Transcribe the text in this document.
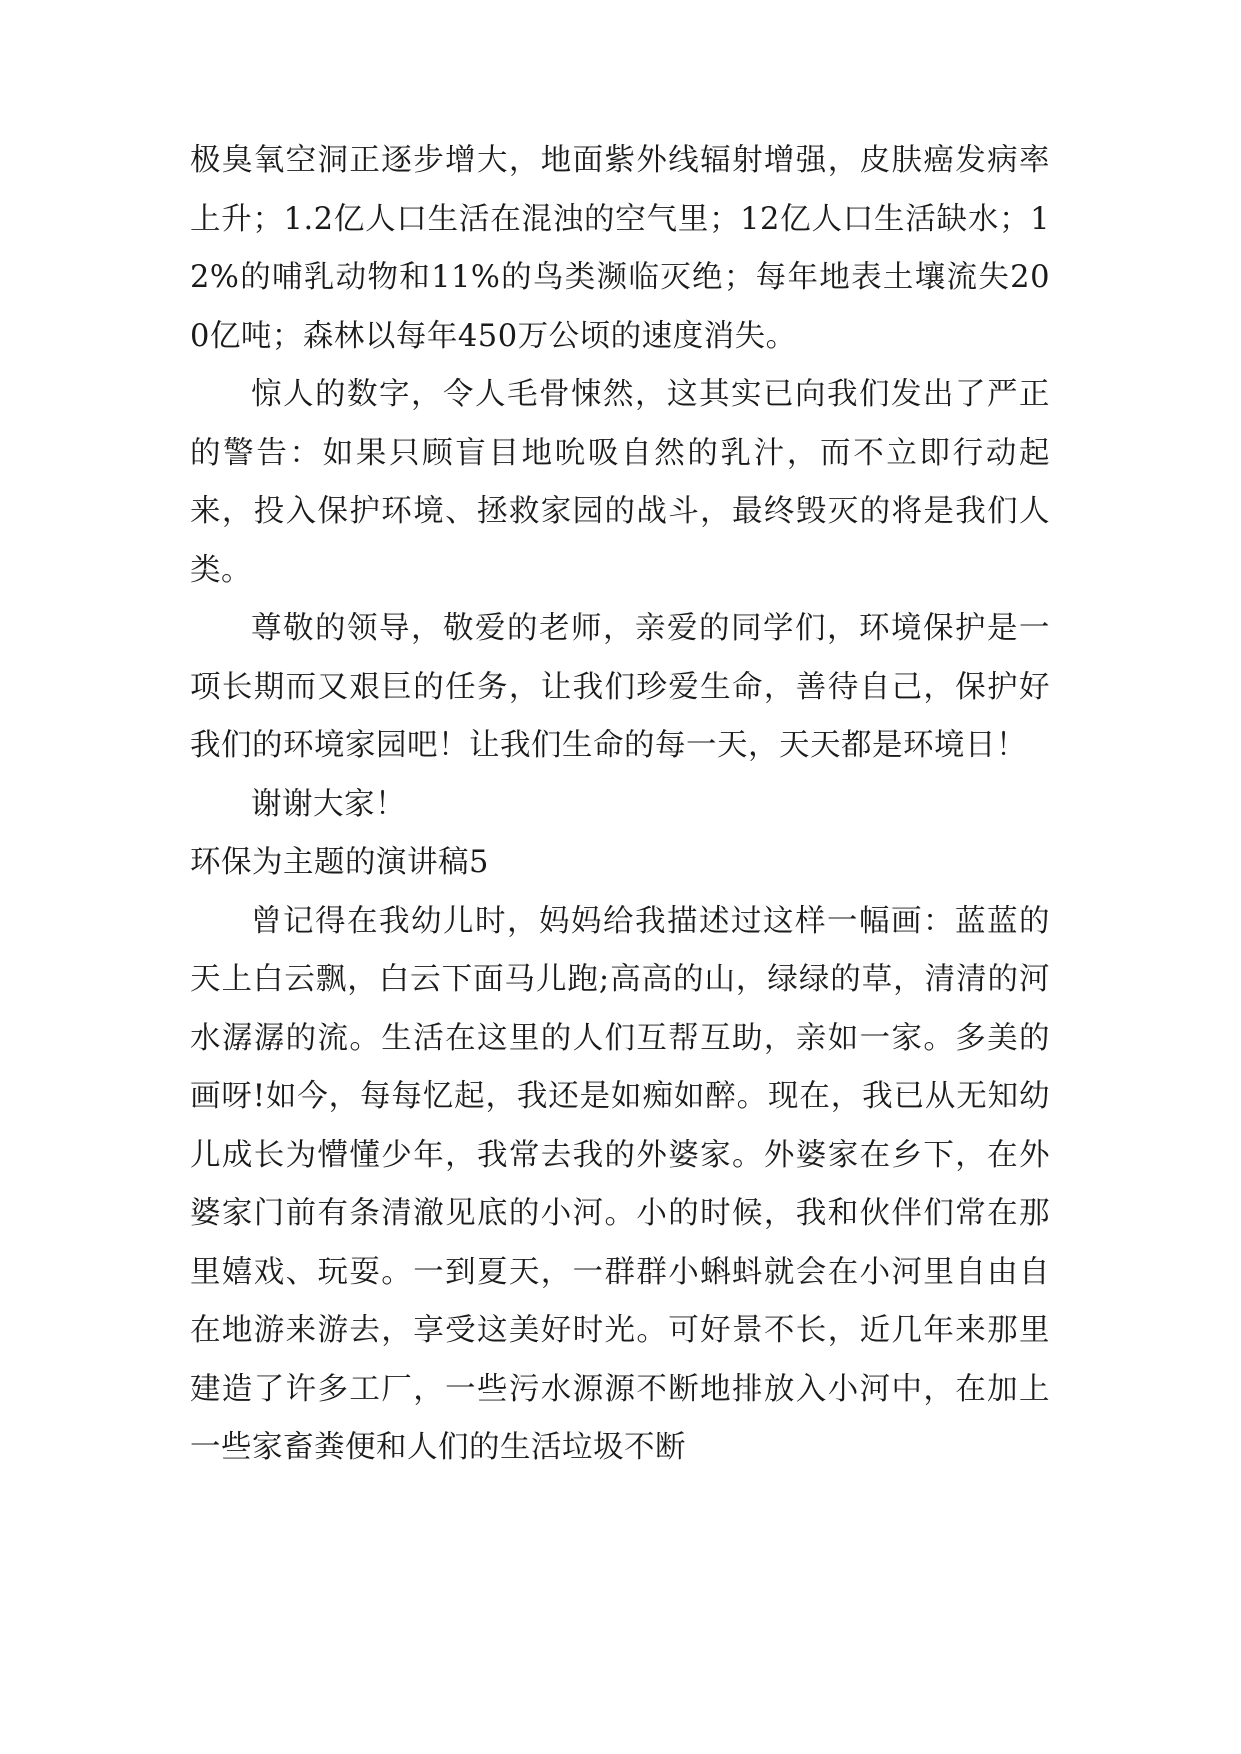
极臭氧空洞正逐步增大，地面紫外线辐射增强，皮肤癌发病率上升；1.2亿人口生活在混浊的空气里；12亿人口生活缺水；12%的哺乳动物和11%的鸟类濒临灭绝；每年地表土壤流失200亿吨；森林以每年450万公顷的速度消失。

惊人的数字，令人毛骨悚然，这其实已向我们发出了严正的警告：如果只顾盲目地吮吸自然的乳汁，而不立即行动起来，投入保护环境、拯救家园的战斗，最终毁灭的将是我们人类。

尊敬的领导，敬爱的老师，亲爱的同学们，环境保护是一项长期而又艰巨的任务，让我们珍爱生命，善待自己，保护好我们的环境家园吧！让我们生命的每一天，天天都是环境日！

谢谢大家！

环保为主题的演讲稿5

曾记得在我幼儿时，妈妈给我描述过这样一幅画：蓝蓝的天上白云飘，白云下面马儿跑;高高的山，绿绿的草，清清的河水潺潺的流。生活在这里的人们互帮互助，亲如一家。多美的画呀!如今，每每忆起，我还是如痴如醉。现在，我已从无知幼儿成长为懵懂少年，我常去我的外婆家。外婆家在乡下，在外婆家门前有条清澈见底的小河。小的时候，我和伙伴们常在那里嬉戏、玩耍。一到夏天，一群群小蝌蚪就会在小河里自由自在地游来游去，享受这美好时光。可好景不长，近几年来那里建造了许多工厂，一些污水源源不断地排放入小河中，在加上一些家畜粪便和人们的生活垃圾不断
